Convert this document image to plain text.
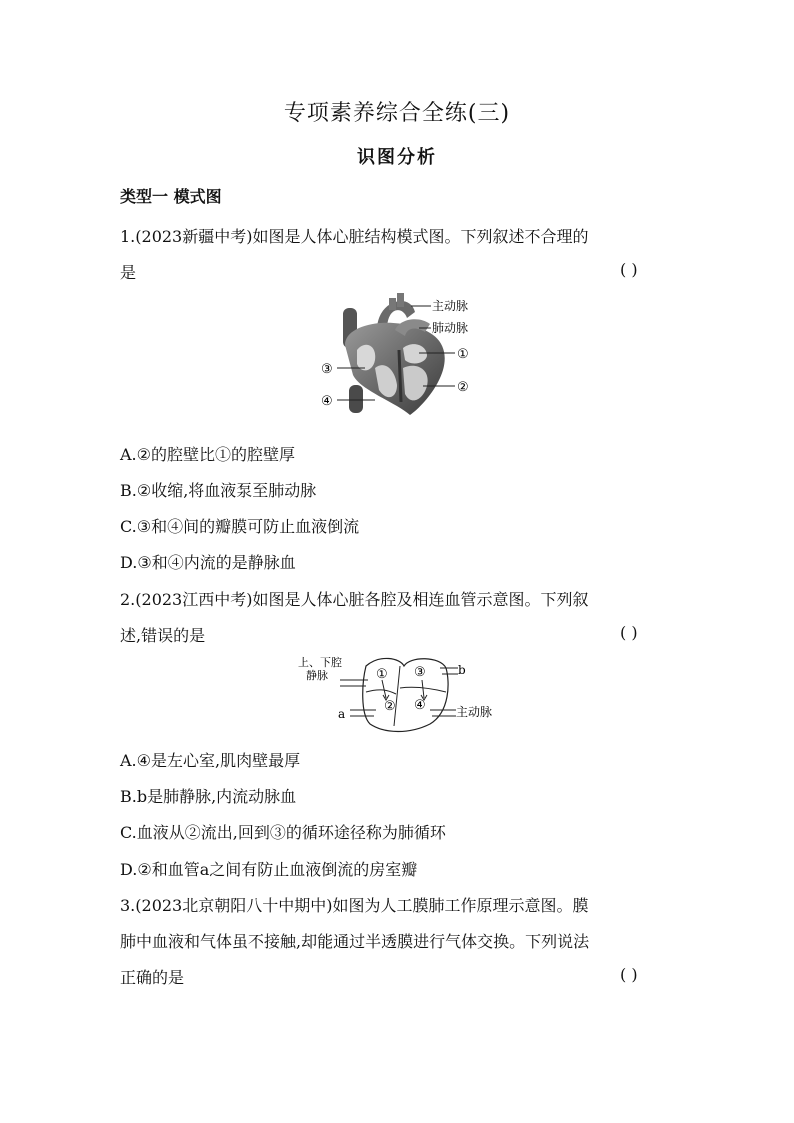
专项素养综合全练(三)
识图分析
类型一 模式图
1.(2023新疆中考)如图是人体心脏结构模式图。下列叙述不合理的
是	( )
主动脉
肺动脉
①
②
③
④
A.②的腔壁比①的腔壁厚
B.②收缩,将血液泵至肺动脉
C.③和④间的瓣膜可防止血液倒流
D.③和④内流的是静脉血
2.(2023江西中考)如图是人体心脏各腔及相连血管示意图。下列叙
述,错误的是	( )
上、下腔
静脉	b
a	主动脉
①
②
③
④
A.④是左心室,肌肉壁最厚
B.b是肺静脉,内流动脉血
C.血液从②流出,回到③的循环途径称为肺循环
D.②和血管a之间有防止血液倒流的房室瓣
3.(2023北京朝阳八十中期中)如图为人工膜肺工作原理示意图。膜
肺中血液和气体虽不接触,却能通过半透膜进行气体交换。下列说法
正确的是	( )
